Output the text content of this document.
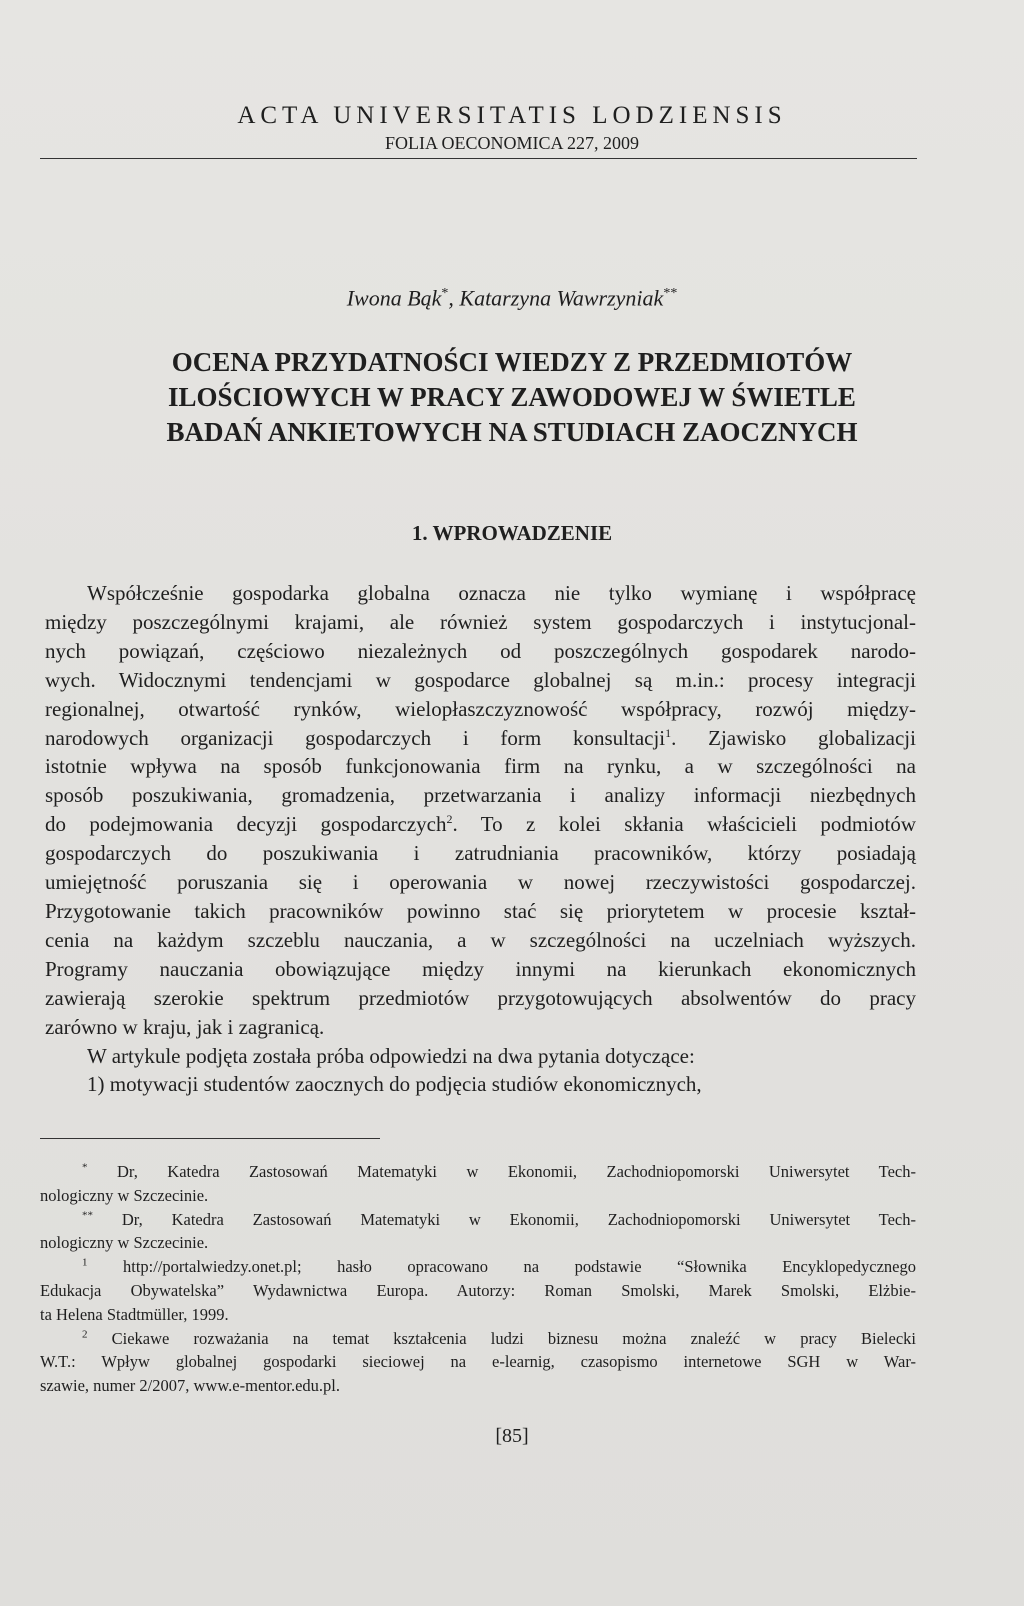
ACTA UNIVERSITATIS LODZIENSIS
FOLIA OECONOMICA 227, 2009
Iwona Bąk*, Katarzyna Wawrzyniak**
OCENA PRZYDATNOŚCI WIEDZY Z PRZEDMIOTÓW
ILOŚCIOWYCH W PRACY ZAWODOWEJ W ŚWIETLE
BADAŃ ANKIETOWYCH NA STUDIACH ZAOCZNYCH
1. WPROWADZENIE
Współcześnie gospodarka globalna oznacza nie tylko wymianę i współpracę
między poszczególnymi krajami, ale również system gospodarczych i instytucjonal-
nych powiązań, częściowo niezależnych od poszczególnych gospodarek narodo-
wych. Widocznymi tendencjami w gospodarce globalnej są m.in.: procesy integracji
regionalnej, otwartość rynków, wielopłaszczyznowość współpracy, rozwój między-
narodowych organizacji gospodarczych i form konsultacji$^1$. Zjawisko globalizacji
istotnie wpływa na sposób funkcjonowania firm na rynku, a w szczególności na
sposób poszukiwania, gromadzenia, przetwarzania i analizy informacji niezbędnych
do podejmowania decyzji gospodarczych$^2$. To z kolei skłania właścicieli podmiotów
gospodarczych do poszukiwania i zatrudniania pracowników, którzy posiadają
umiejętność poruszania się i operowania w nowej rzeczywistości gospodarczej.
Przygotowanie takich pracowników powinno stać się priorytetem w procesie kształ-
cenia na każdym szczeblu nauczania, a w szczególności na uczelniach wyższych.
Programy nauczania obowiązujące między innymi na kierunkach ekonomicznych
zawierają szerokie spektrum przedmiotów przygotowujących absolwentów do pracy
zarówno w kraju, jak i zagranicą.
W artykule podjęta została próba odpowiedzi na dwa pytania dotyczące:
1) motywacji studentów zaocznych do podjęcia studiów ekonomicznych,
* Dr, Katedra Zastosowań Matematyki w Ekonomii, Zachodniopomorski Uniwersytet Tech-
nologiczny w Szczecinie.
** Dr, Katedra Zastosowań Matematyki w Ekonomii, Zachodniopomorski Uniwersytet Tech-
nologiczny w Szczecinie.
$^1$ http://portalwiedzy.onet.pl; hasło opracowano na podstawie “Słownika Encyklopedycznego
Edukacja Obywatelska” Wydawnictwa Europa. Autorzy: Roman Smolski, Marek Smolski, Elżbie-
ta Helena Stadtmüller, 1999.
$^2$ Ciekawe rozważania na temat kształcenia ludzi biznesu można znaleźć w pracy Bielecki
W.T.: Wpływ globalnej gospodarki sieciowej na e-learnig, czasopismo internetowe SGH w War-
szawie, numer 2/2007, www.e-mentor.edu.pl.
[85]
